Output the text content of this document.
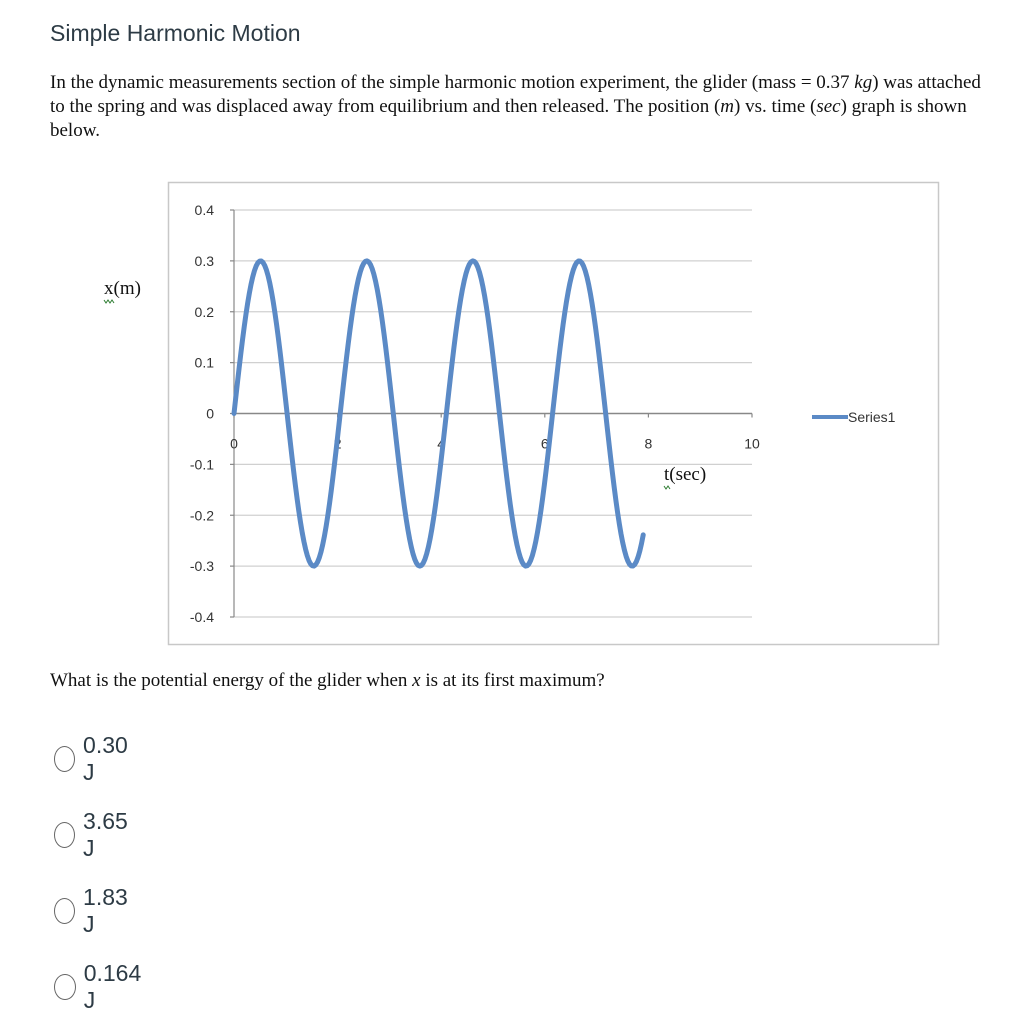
Simple Harmonic Motion
In the dynamic measurements section of the simple harmonic motion experiment, the glider (mass = 0.37 kg) was attached to the spring and was displaced away from equilibrium and then released. The position (m) vs. time (sec) graph is shown below.
0.4
0.3
0.2
0.1
0
-0.1
-0.2
-0.3
-0.4
0	2	4	6	8	10
Series1
x(m)
t(sec)
What is the potential energy of the glider when x is at its first maximum?
0.30 J
3.65 J
1.83 J
0.164 J
